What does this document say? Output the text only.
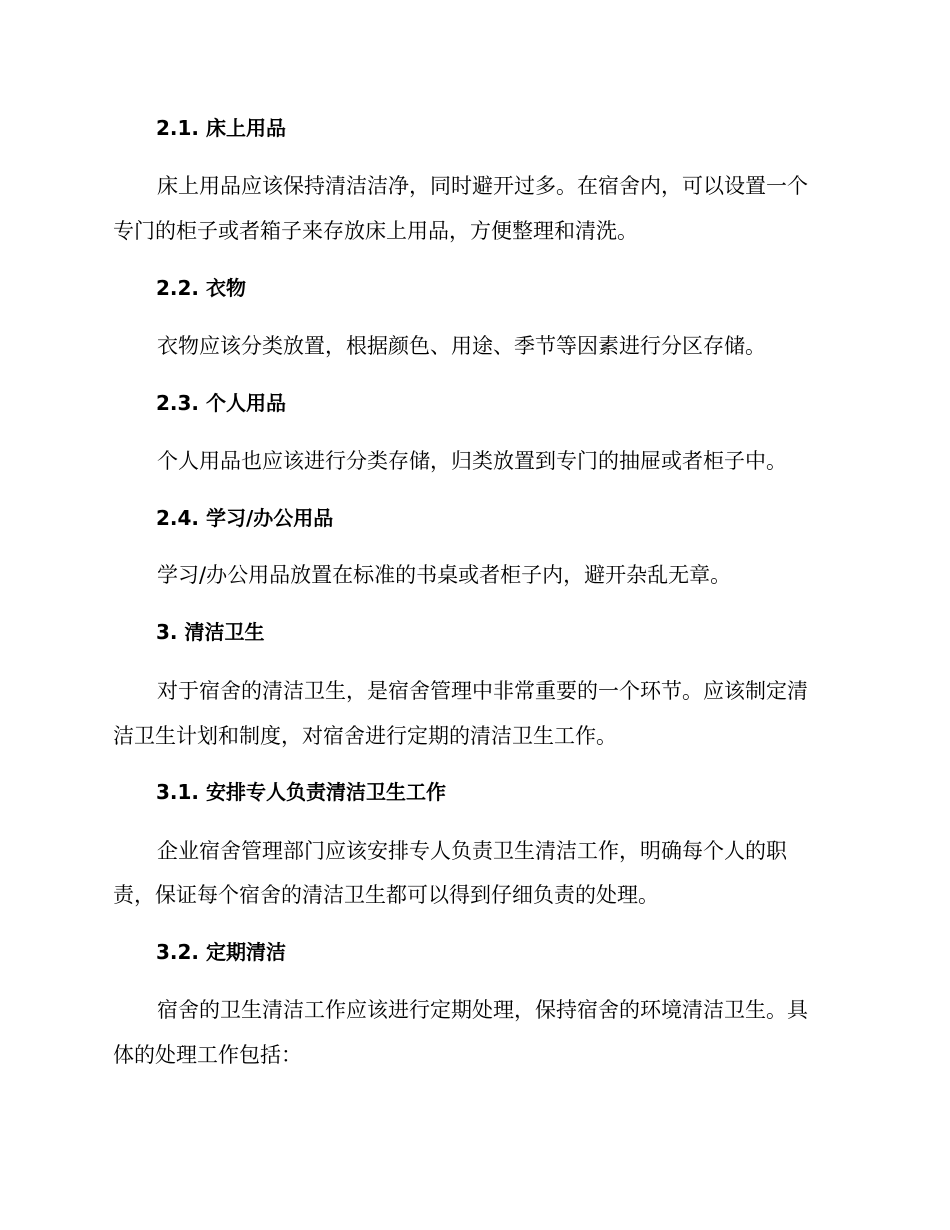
2.1. 床上用品
床上用品应该保持清洁洁净，同时避开过多。在宿舍内，可以设置一个
专门的柜子或者箱子来存放床上用品，方便整理和清洗。
2.2. 衣物
衣物应该分类放置，根据颜色、用途、季节等因素进行分区存储。
2.3. 个人用品
个人用品也应该进行分类存储，归类放置到专门的抽屉或者柜子中。
2.4. 学习/办公用品
学习/办公用品放置在标准的书桌或者柜子内，避开杂乱无章。
3. 清洁卫生
对于宿舍的清洁卫生，是宿舍管理中非常重要的一个环节。应该制定清
洁卫生计划和制度，对宿舍进行定期的清洁卫生工作。
3.1. 安排专人负责清洁卫生工作
企业宿舍管理部门应该安排专人负责卫生清洁工作，明确每个人的职
责，保证每个宿舍的清洁卫生都可以得到仔细负责的处理。
3.2. 定期清洁
宿舍的卫生清洁工作应该进行定期处理，保持宿舍的环境清洁卫生。具
体的处理工作包括：
